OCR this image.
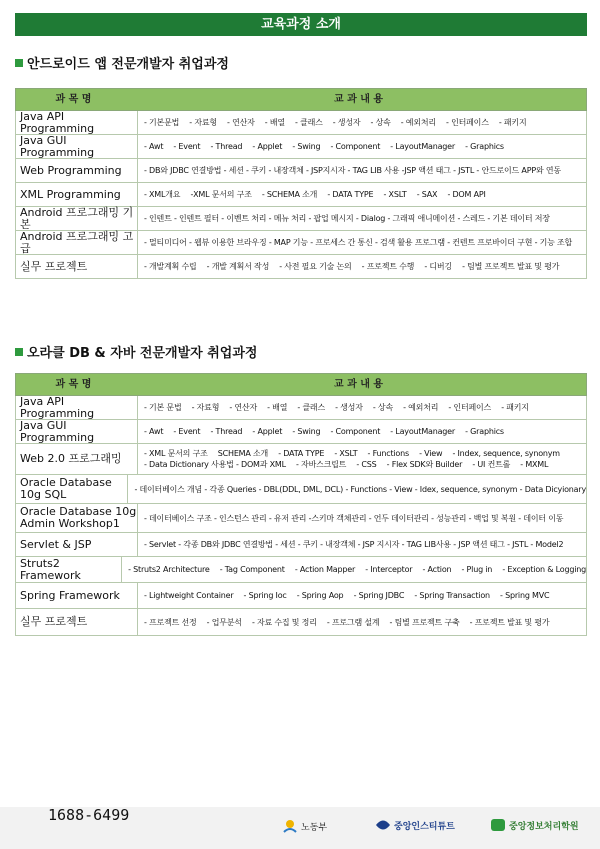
교육과정 소개
안드로이드 앱 전문개발자 취업과정
과 목 명	교 과 내 용
Java API Programming	- 기본문법　 - 자료형　 - 연산자　 - 배열　 - 클래스　 - 생성자　 - 상속　 - 예외처리　 - 인터페이스　 - 패키지
Java GUI Programming	- Awt　 - Event　 - Thread　 - Applet　 - Swing　 - Component　 - LayoutManager　 - Graphics
Web Programming	- DB와 JDBC 연결방법 - 세션 - 쿠키 - 내장객체 - JSP지시자 - TAG LIB 사용 -JSP 액션 태그 - JSTL - 안드로이드 APP와 연동
XML Programming	- XML개요　 -XML 문서의 구조　 - SCHEMA 소개　 - DATA TYPE　 - XSLT　 - SAX　 - DOM API
Android 프로그래밍 기본	- 인텐트 - 인텐트 필터 - 이벤트 처리 - 메뉴 처리 - 팝업 메시지 - Dialog - 그래픽 애니메이션 - 스레드 - 기본 데이터 저장
Android 프로그래밍 고급	- 멀티미디어 - 웹뷰 이용한 브라우징 - MAP 기능 - 프로세스 간 통신 - 검색 활용 프로그램 - 컨텐트 프로바이더 구현 - 기능 조합
실무 프로젝트	- 개발계획 수립　 - 개발 계획서 작성　 - 사전 필요 기술 논의　 - 프로젝트 수행　 - 디버깅　 - 팀별 프로젝트 발표 및 평가
오라클 DB & 자바 전문개발자 취업과정
과 목 명	교 과 내 용
Java API Programming	- 기본 문법　 - 자료형　 - 연산자　 - 배열　 - 클래스　 - 생성자　 - 상속　 - 예외처리　 - 인터페이스　 - 패키지
Java GUI Programming	- Awt　 - Event　 - Thread　 - Applet　 - Swing　 - Component　 - LayoutManager　 - Graphics
Web 2.0 프로그래밍	- XML 문서의 구조　 SCHEMA 소개　 - DATA TYPE　 - XSLT　 - Functions　 - View　 - Index, sequence, synonym
- Data Dictionary 사용법 - DOM과 XML　 - 자바스크립트　 - CSS　 - Flex SDK와 Builder　 - UI 컨트롤　 - MXML
Oracle Database 10g SQL	- 데이터베이스 개념 - 각종 Queries - DBL(DDL, DML, DCL) - Functions - View - Idex, sequence, synonym - Data Dicyionary
Oracle Database 10g Admin Workshop1	- 데이터베이스 구조 - 인스턴스 관리 - 유저 관리 -스키마 객체관리 - 언두 데이터관리 - 성능관리 - 백업 및 복원 - 데이터 이동
Servlet & JSP	- Servlet - 각종 DB와 JDBC 연결방법 - 세션 - 쿠키 - 내장객체 - JSP 지시자 - TAG LIB사용 - JSP 액션 태그 - JSTL - Model2
Struts2 Framework	- Struts2 Architecture　 - Tag Component　 - Action Mapper　 - Interceptor　 - Action　 - Plug in　 - Exception & Logging
Spring Framework	- Lightweight Container　 - Spring Ioc　 - Spring Aop　 - Spring JDBC　 - Spring Transaction　 - Spring MVC
실무 프로젝트	- 프로젝트 선정　 - 업무분석　 - 자료 수집 및 정리　 - 프로그램 설계　 - 팀별 프로젝트 구축　 - 프로젝트 발표 및 평가
1688-6499
노동부	중앙인스티튜트	중앙정보처리학원
